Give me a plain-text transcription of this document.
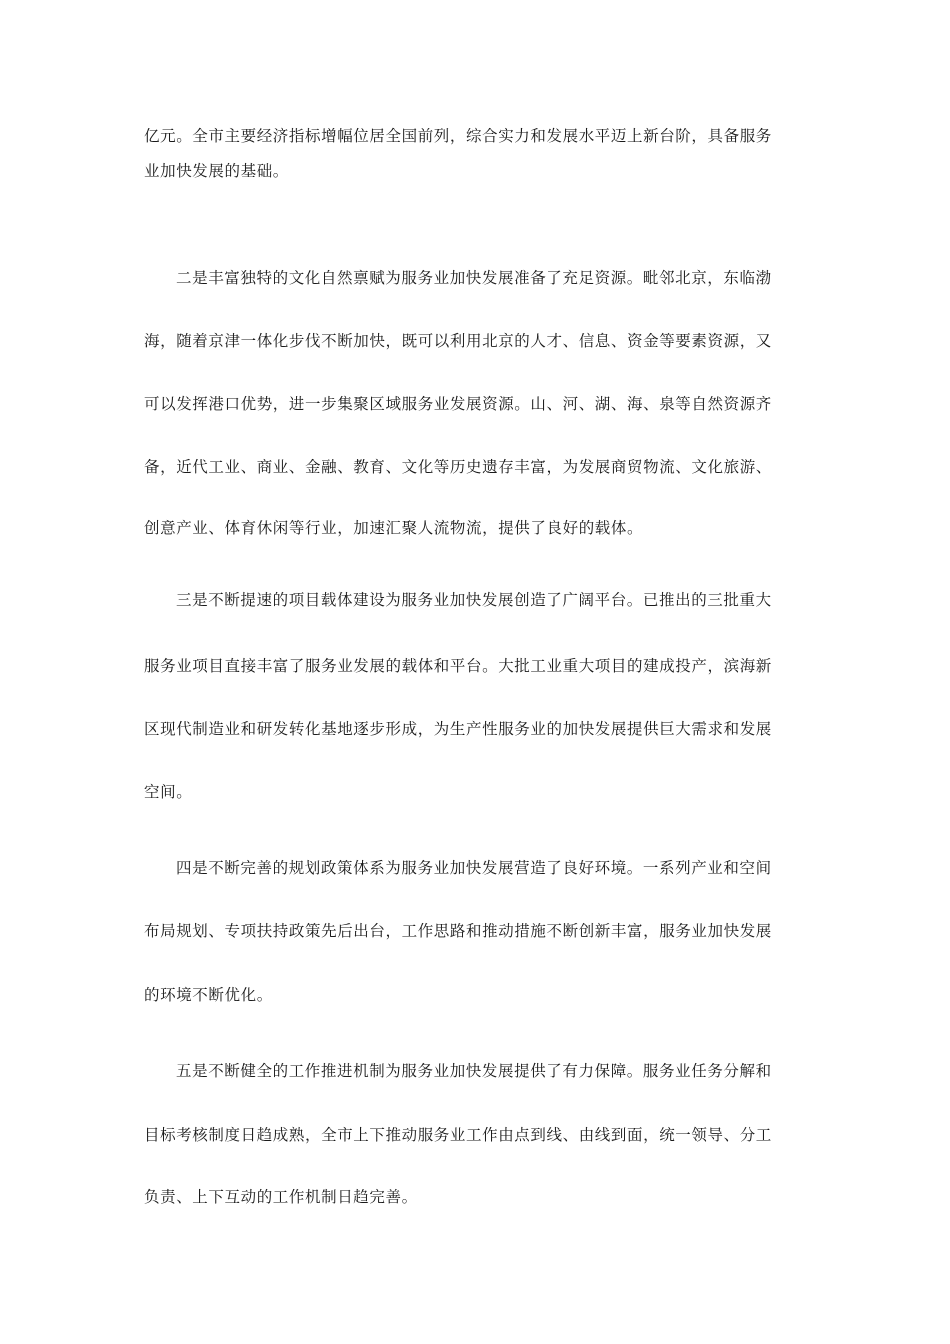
亿元。全市主要经济指标增幅位居全国前列，综合实力和发展水平迈上新台阶，具备服务
业加快发展的基础。
二是丰富独特的文化自然禀赋为服务业加快发展准备了充足资源。毗邻北京，东临渤
海，随着京津一体化步伐不断加快，既可以利用北京的人才、信息、资金等要素资源，又
可以发挥港口优势，进一步集聚区域服务业发展资源。山、河、湖、海、泉等自然资源齐
备，近代工业、商业、金融、教育、文化等历史遗存丰富，为发展商贸物流、文化旅游、
创意产业、体育休闲等行业，加速汇聚人流物流，提供了良好的载体。
三是不断提速的项目载体建设为服务业加快发展创造了广阔平台。已推出的三批重大
服务业项目直接丰富了服务业发展的载体和平台。大批工业重大项目的建成投产，滨海新
区现代制造业和研发转化基地逐步形成，为生产性服务业的加快发展提供巨大需求和发展
空间。
四是不断完善的规划政策体系为服务业加快发展营造了良好环境。一系列产业和空间
布局规划、专项扶持政策先后出台，工作思路和推动措施不断创新丰富，服务业加快发展
的环境不断优化。
五是不断健全的工作推进机制为服务业加快发展提供了有力保障。服务业任务分解和
目标考核制度日趋成熟，全市上下推动服务业工作由点到线、由线到面，统一领导、分工
负责、上下互动的工作机制日趋完善。
